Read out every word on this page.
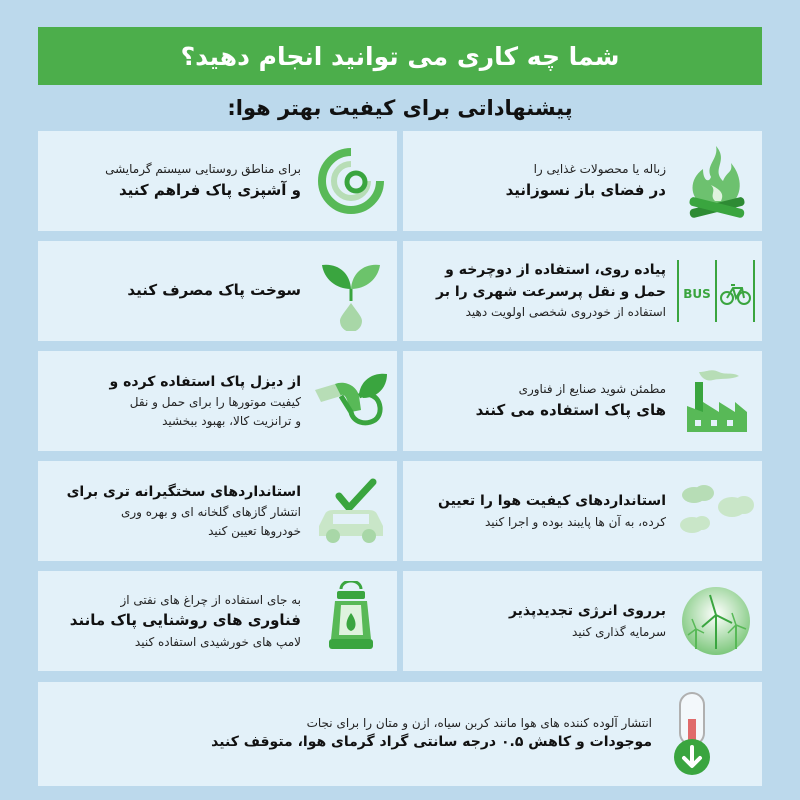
شما چه کاری می توانید انجام دهید؟
پیشنهاداتی برای کیفیت بهتر هوا:
زباله یا محصولات غذایی را
در فضای باز نسوزانید
برای مناطق روستایی سیستم گرمایشی
و آشپزی پاک فراهم کنید
BUS
پیاده روی، استفاده از دوچرخه و
حمل و نقل پرسرعت شهری را بر
استفاده از خودروی شخصی اولویت دهید
سوخت پاک مصرف کنید
مطمئن شوید صنایع از فناوری
های پاک استفاده می کنند
از دیزل پاک استفاده کرده و
کیفیت موتورها را برای حمل و نقل
و ترانزیت کالا، بهبود ببخشید
استانداردهای کیفیت هوا را تعیین
کرده، به آن ها پایبند بوده و اجرا کنید
استانداردهای سختگیرانه تری برای
انتشار گازهای گلخانه ای و بهره وری
خودروها تعیین کنید
برروی انرژی تجدیدپذیر
سرمایه گذاری کنید
به جای استفاده از چراغ های نفتی از
فناوری های روشنایی پاک مانند
لامپ های خورشیدی استفاده کنید
انتشار آلوده کننده های هوا مانند کربن سیاه، ازن و متان را برای نجات
موجودات و کاهش ۰.۵ درجه سانتی گراد گرمای هوا، متوقف کنید
